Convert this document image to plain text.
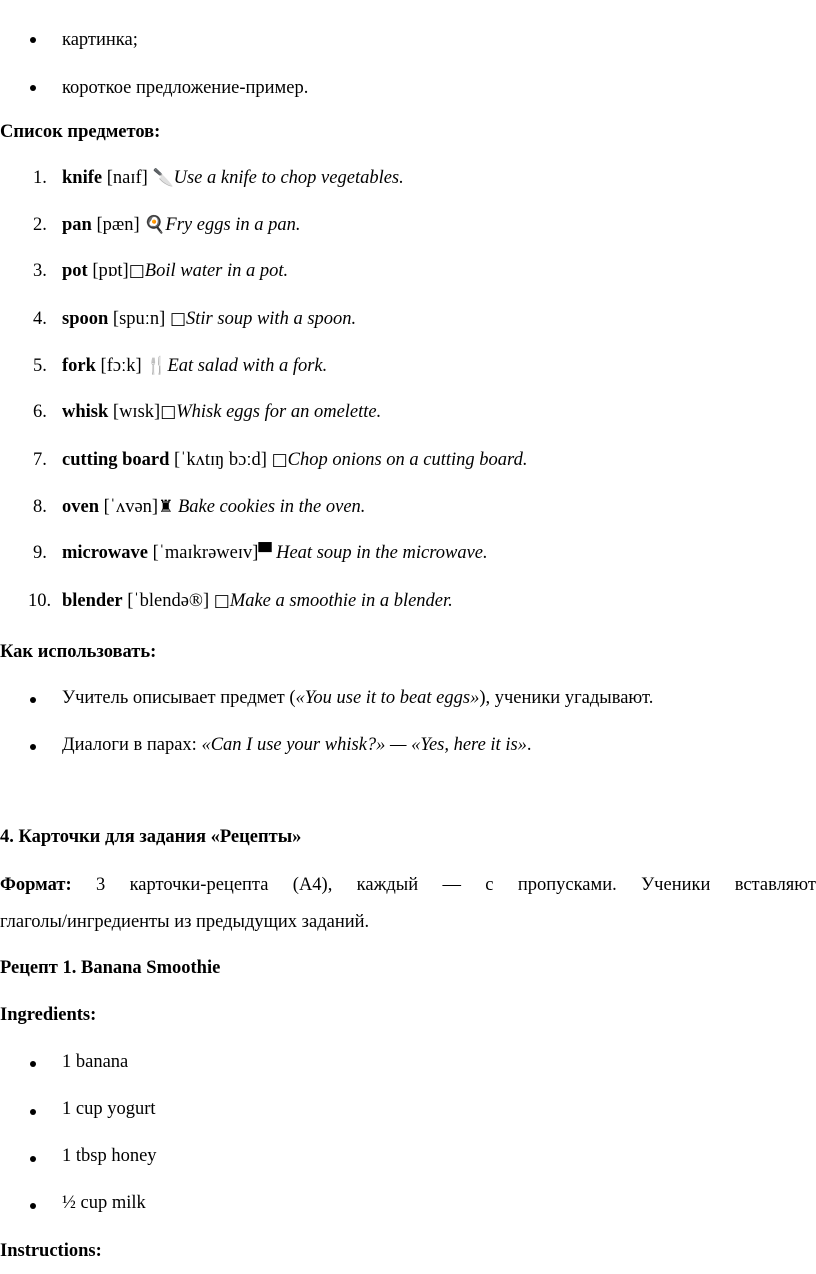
картинка;
короткое предложение-пример.
Список предметов:
1. knife [naɪf] 🔪Use a knife to chop vegetables.
2. pan [pæn] 🍳Fry eggs in a pan.
3. pot [pɒt]□Boil water in a pot.
4. spoon [spuːn] □Stir soup with a spoon.
5. fork [fɔːk] 🍴Eat salad with a fork.
6. whisk [wɪsk]□Whisk eggs for an omelette.
7. cutting board [ˈkʌtɪŋ bɔːd] □Chop onions on a cutting board.
8. oven [ˈʌvən]♜ Bake cookies in the oven.
9. microwave [ˈmaɪkrəweɪv]▀ Heat soup in the microwave.
10. blender [ˈblendə®] □Make a smoothie in a blender.
Как использовать:
Учитель описывает предмет («You use it to beat eggs»), ученики угадывают.
Диалоги в парах: «Can I use your whisk?» — «Yes, here it is».
4. Карточки для задания «Рецепты»
Формат: 3 карточки-рецепта (А4), каждый — с пропусками. Ученики вставляют
глаголы/ингредиенты из предыдущих заданий.
Рецепт 1. Banana Smoothie
Ingredients:
1 banana
1 cup yogurt
1 tbsp honey
½ cup milk
Instructions:
